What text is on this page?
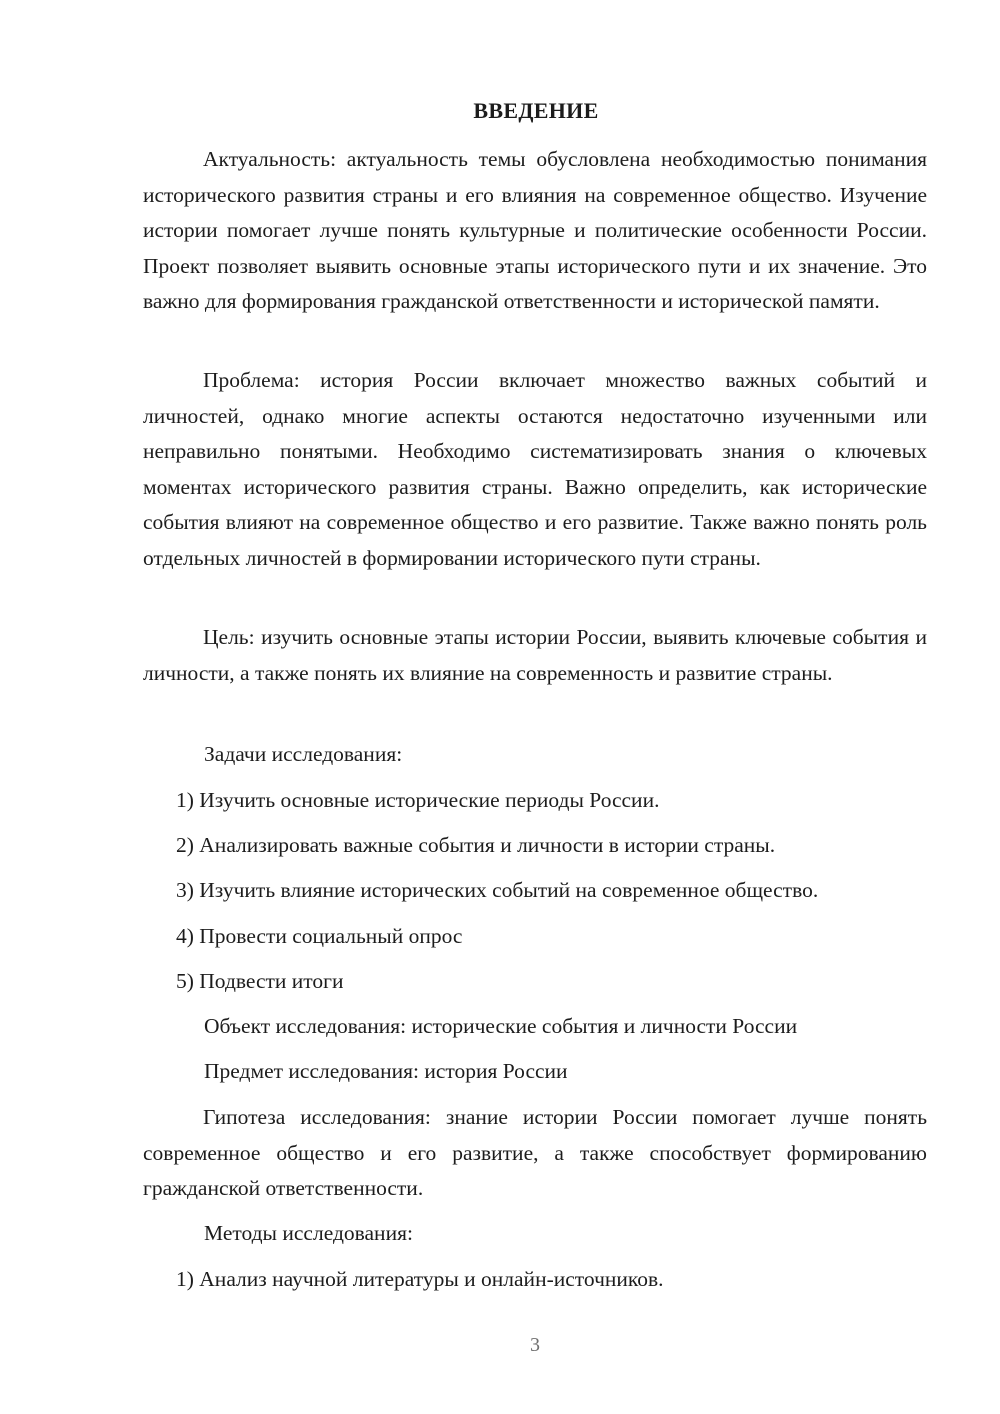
ВВЕДЕНИЕ

Актуальность: актуальность темы обусловлена необходимостью понимания исторического развития страны и его влияния на современное общество. Изучение истории помогает лучше понять культурные и политические особенности России. Проект позволяет выявить основные этапы исторического пути и их значение. Это важно для формирования гражданской ответственности и исторической памяти.

Проблема: история России включает множество важных событий и личностей, однако многие аспекты остаются недостаточно изученными или неправильно понятыми. Необходимо систематизировать знания о ключевых моментах исторического развития страны. Важно определить, как исторические события влияют на современное общество и его развитие. Также важно понять роль отдельных личностей в формировании исторического пути страны.

Цель: изучить основные этапы истории России, выявить ключевые события и личности, а также понять их влияние на современность и развитие страны.

Задачи исследования:

1) Изучить основные исторические периоды России.

2) Анализировать важные события и личности в истории страны.

3) Изучить влияние исторических событий на современное общество.

4) Провести социальный опрос

5) Подвести итоги

Объект исследования: исторические события и личности России

Предмет исследования: история России

Гипотеза исследования: знание истории России помогает лучше понять современное общество и его развитие, а также способствует формированию гражданской ответственности.

Методы исследования:

1) Анализ научной литературы и онлайн-источников.

3
